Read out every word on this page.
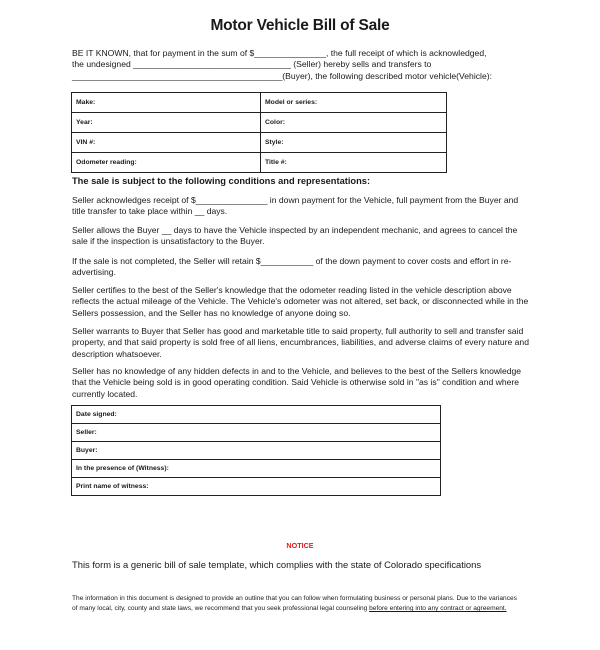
Motor Vehicle Bill of Sale
BE IT KNOWN, that for payment in the sum of $_______________, the full receipt of which is acknowledged,
the undesigned _________________________________ (Seller) hereby sells and transfers to
____________________________________________(Buyer), the following described motor vehicle(Vehicle):
Make:	Model or series:
Year:	Color:
VIN #:	Style:
Odometer reading:	Title #:
The sale is subject to the following conditions and representations:
Seller acknowledges receipt of $_______________ in down payment for the Vehicle, full payment from the Buyer and title transfer to take place within __ days.
Seller allows the Buyer __ days to have the Vehicle inspected by an independent mechanic, and agrees to cancel the sale if the inspection is unsatisfactory to the Buyer.
If the sale is not completed, the Seller will retain $___________ of the down payment to cover costs and effort in re-advertising.
Seller certifies to the best of the Seller's knowledge that the odometer reading listed in the vehicle description above reflects the actual mileage of the Vehicle. The Vehicle's odometer was not altered, set back, or disconnected while in the Sellers possession, and the Seller has no knowledge of anyone doing so.
Seller warrants to Buyer that Seller has good and marketable title to said property, full authority to sell and transfer said property, and that said property is sold free of all liens, encumbrances, liabilities, and adverse claims of every nature and description whatsoever.
Seller has no knowledge of any hidden defects in and to the Vehicle, and believes to the best of the Sellers knowledge that the Vehicle being sold is in good operating condition. Said Vehicle is otherwise sold in "as is" condition and where currently located.
Date signed:
Seller:
Buyer:
In the presence of (Witness):
Print name of witness:
NOTICE
This form is a generic bill of sale template, which complies with the state of Colorado specifications
The information in this document is designed to provide an outline that you can follow when formulating business or personal plans. Due to the variances of many local, city, county and state laws, we recommend that you seek professional legal counseling before entering into any contract or agreement.
